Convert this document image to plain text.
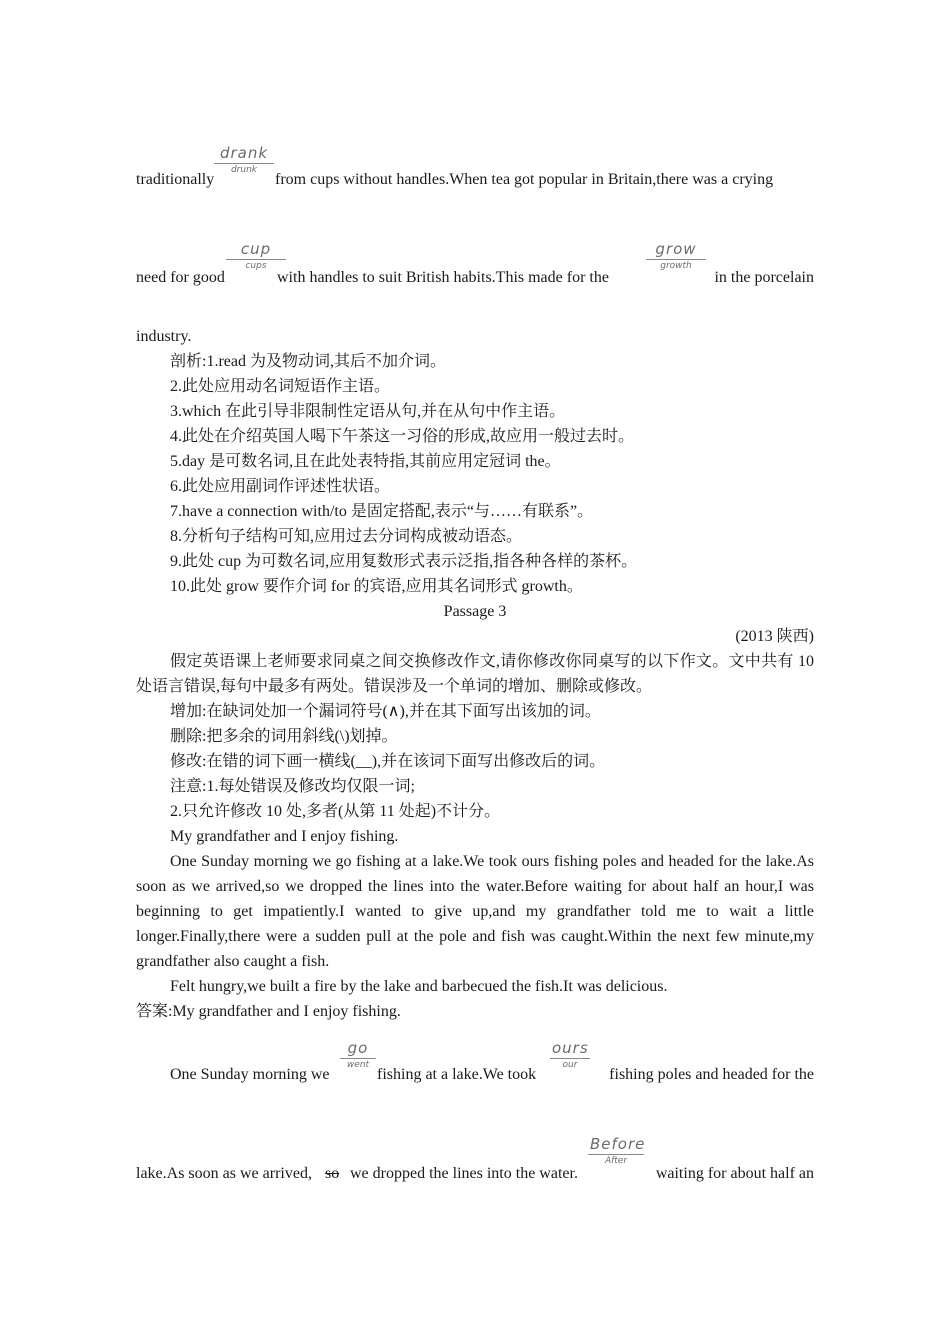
drank
drunk
traditionally	from cups without handles.When tea got popular in Britain,there was a crying
cup
cups
grow
growth
need for good	with handles to suit British habits.This made for the	in the porcelain
industry.

剖析:1.read 为及物动词,其后不加介词。

2.此处应用动名词短语作主语。

3.which 在此引导非限制性定语从句,并在从句中作主语。

4.此处在介绍英国人喝下午茶这一习俗的形成,故应用一般过去时。

5.day 是可数名词,且在此处表特指,其前应用定冠词 the。

6.此处应用副词作评述性状语。

7.have a connection with/to 是固定搭配,表示“与……有联系”。

8.分析句子结构可知,应用过去分词构成被动语态。

9.此处 cup 为可数名词,应用复数形式表示泛指,指各种各样的茶杯。

10.此处 grow 要作介词 for 的宾语,应用其名词形式 growth。

Passage 3

(2013 陕西)

假定英语课上老师要求同桌之间交换修改作文,请你修改你同桌写的以下作文。文中共有 10 处语言错误,每句中最多有两处。错误涉及一个单词的增加、删除或修改。

增加:在缺词处加一个漏词符号(∧),并在其下面写出该加的词。

删除:把多余的词用斜线(\)划掉。

修改:在错的词下画一横线(__),并在该词下面写出修改后的词。

注意:1.每处错误及修改均仅限一词;

2.只允许修改 10 处,多者(从第 11 处起)不计分。

My grandfather and I enjoy fishing.

One Sunday morning we go fishing at a lake.We took ours fishing poles and headed for the lake.As soon as we arrived,so we dropped the lines into the water.Before waiting for about half an hour,I was beginning to get impatiently.I wanted to give up,and my grandfather told me to wait a little longer.Finally,there were a sudden pull at the pole and fish was caught.Within the next few minute,my grandfather also caught a fish.

Felt hungry,we built a fire by the lake and barbecued the fish.It was delicious.

答案:My grandfather and I enjoy fishing.

go
went
ours
our
One Sunday morning we	fishing at a lake.We took	fishing poles and headed for the
Before
After
lake.As soon as we arrived, so we dropped the lines into the water.	waiting for about half an
